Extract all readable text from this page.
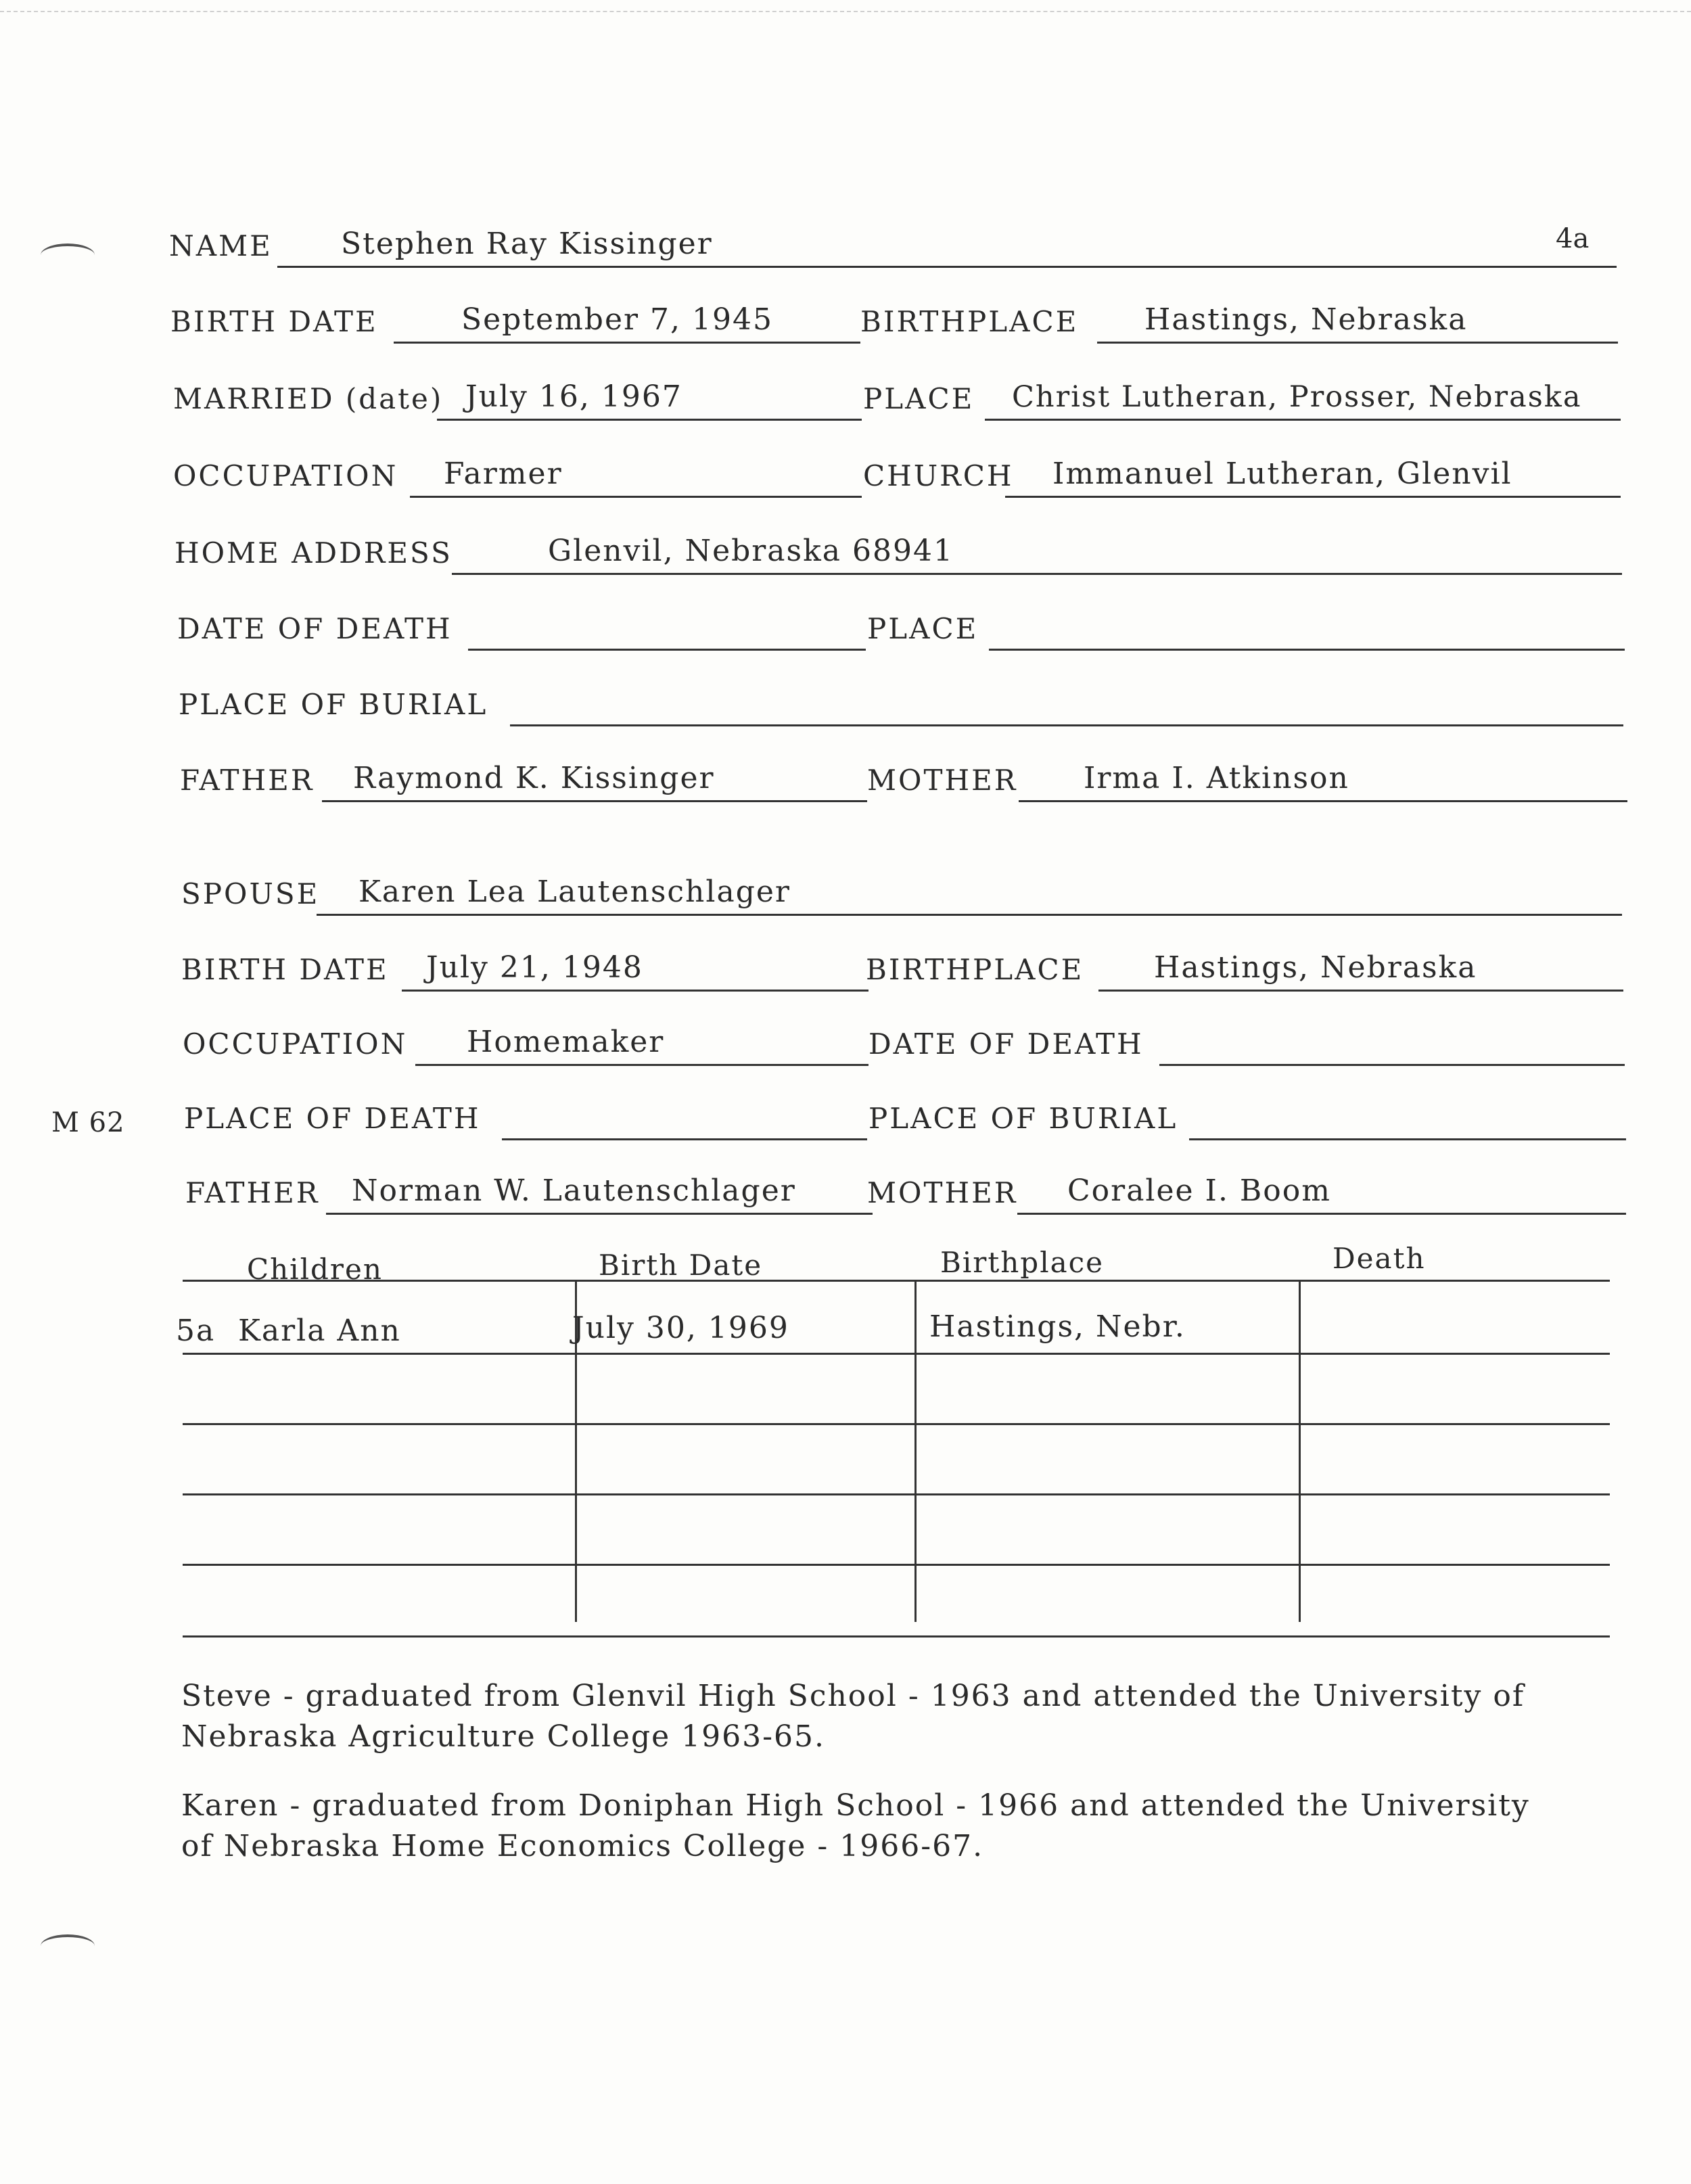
4a
M 62
NAME Stephen Ray Kissinger
BIRTH DATE	September 7, 1945	BIRTHPLACE Hastings, Nebraska
MARRIED (date) July 16, 1967	PLACE Christ Lutheran, Prosser, Nebraska
OCCUPATION Farmer	CHURCH Immanuel Lutheran, Glenvil
HOME ADDRESS	Glenvil, Nebraska 68941
DATE OF DEATH	PLACE
PLACE OF BURIAL
FATHER Raymond K. Kissinger	MOTHER Irma I. Atkinson
SPOUSE Karen Lea Lautenschlager
BIRTH DATE July 21, 1948	BIRTHPLACE Hastings, Nebraska
OCCUPATION Homemaker	DATE OF DEATH
PLACE OF DEATH	PLACE OF BURIAL
FATHER Norman W. Lautenschlager	MOTHER Coralee I. Boom
Children	Birth Date	Birthplace	Death
5a Karla Ann	July 30, 1969	Hastings, Nebr.
Steve - graduated from Glenvil High School - 1963 and attended the University of Nebraska Agriculture College 1963-65.
Karen - graduated from Doniphan High School - 1966 and attended the University of Nebraska Home Economics College - 1966-67.
